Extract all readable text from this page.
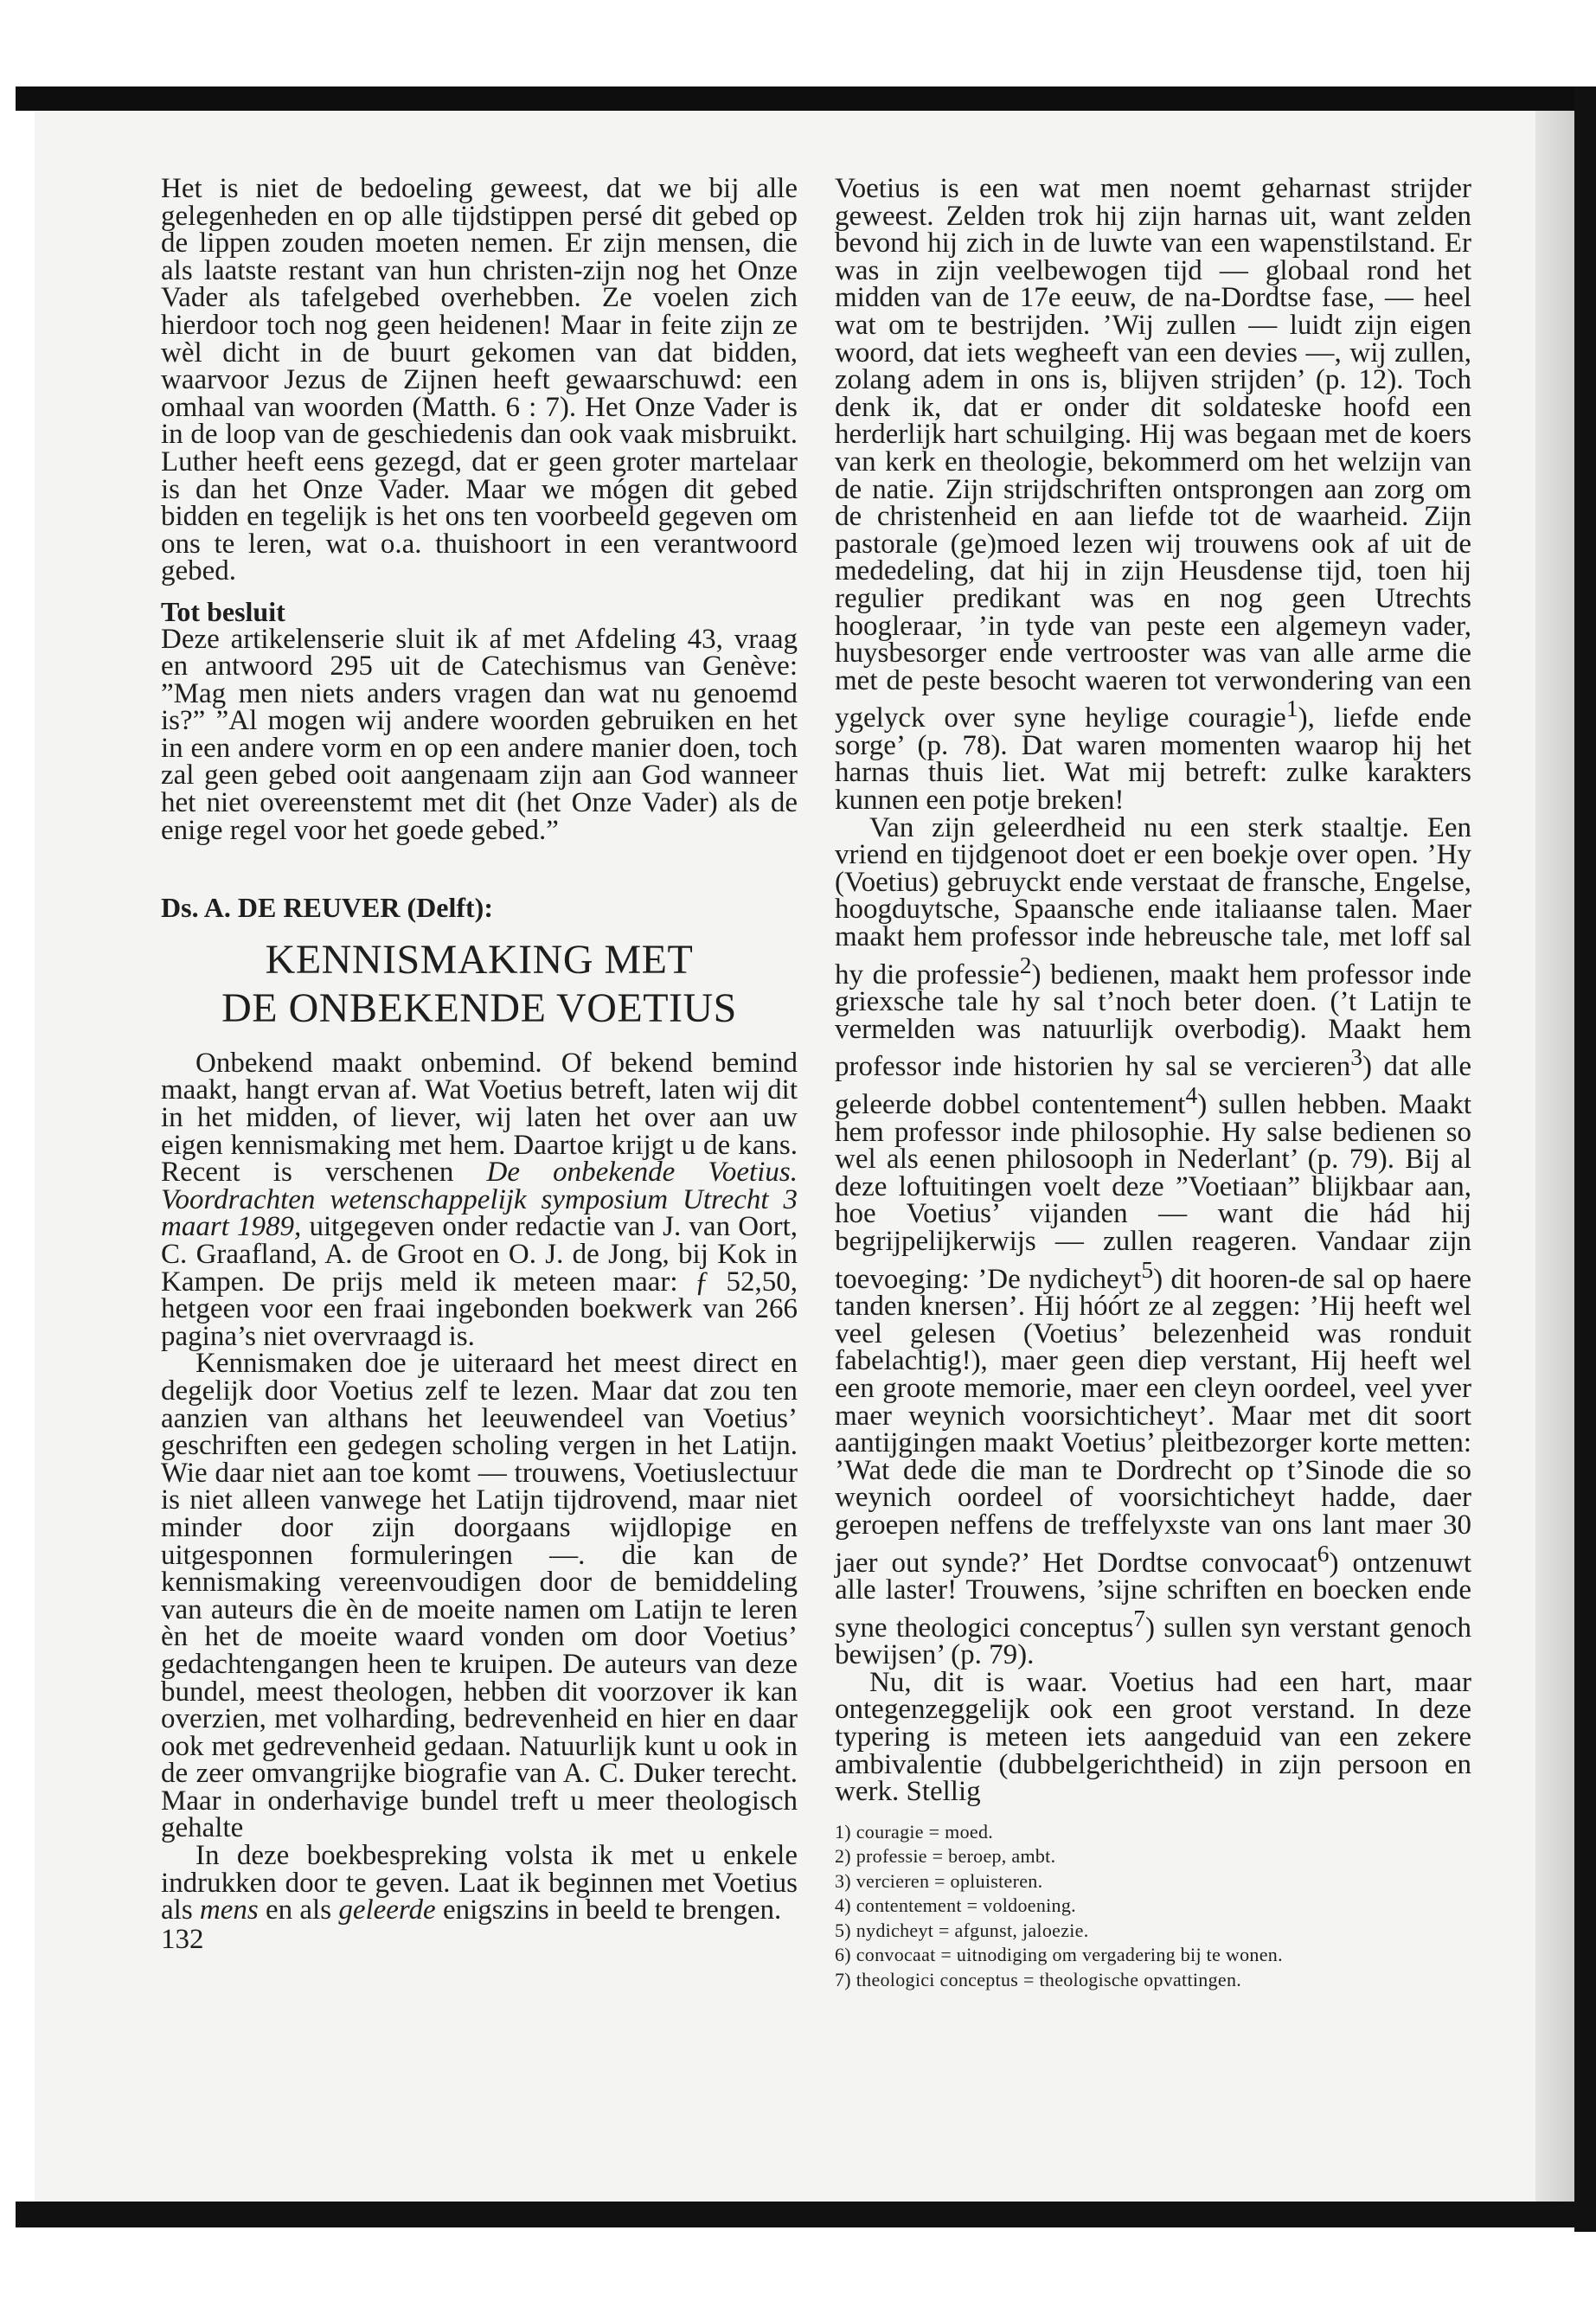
Het is niet de bedoeling geweest, dat we bij alle gelegenheden en op alle tijdstippen persé dit gebed op de lippen zouden moeten nemen. Er zijn mensen, die als laatste restant van hun christen-zijn nog het Onze Vader als tafelgebed overhebben. Ze voelen zich hierdoor toch nog geen heidenen! Maar in feite zijn ze wèl dicht in de buurt gekomen van dat bidden, waarvoor Jezus de Zijnen heeft gewaarschuwd: een omhaal van woorden (Matth. 6 : 7). Het Onze Vader is in de loop van de geschiedenis dan ook vaak misbruikt. Luther heeft eens gezegd, dat er geen groter martelaar is dan het Onze Vader. Maar we mógen dit gebed bidden en tegelijk is het ons ten voorbeeld gegeven om ons te leren, wat o.a. thuishoort in een verantwoord gebed.

Tot besluit

Deze artikelenserie sluit ik af met Afdeling 43, vraag en antwoord 295 uit de Catechismus van Genève: ”Mag men niets anders vragen dan wat nu genoemd is?” ”Al mogen wij andere woorden gebruiken en het in een andere vorm en op een andere manier doen, toch zal geen gebed ooit aangenaam zijn aan God wanneer het niet overeenstemt met dit (het Onze Vader) als de enige regel voor het goede gebed.”

Ds. A. DE REUVER (Delft):

KENNISMAKING MET
DE ONBEKENDE VOETIUS

Onbekend maakt onbemind. Of bekend bemind maakt, hangt ervan af. Wat Voetius betreft, laten wij dit in het midden, of liever, wij laten het over aan uw eigen kennismaking met hem. Daartoe krijgt u de kans. Recent is verschenen De onbekende Voetius. Voordrachten wetenschappelijk symposium Utrecht 3 maart 1989, uitgegeven onder redactie van J. van Oort, C. Graafland, A. de Groot en O. J. de Jong, bij Kok in Kampen. De prijs meld ik meteen maar: ƒ 52,50, hetgeen voor een fraai ingebonden boekwerk van 266 pagina’s niet overvraagd is.

Kennismaken doe je uiteraard het meest direct en degelijk door Voetius zelf te lezen. Maar dat zou ten aanzien van althans het leeuwendeel van Voetius’ geschriften een gedegen scholing vergen in het Latijn. Wie daar niet aan toe komt — trouwens, Voetiuslectuur is niet alleen vanwege het Latijn tijdrovend, maar niet minder door zijn doorgaans wijdlopige en uitgesponnen formuleringen —. die kan de kennismaking vereenvoudigen door de bemiddeling van auteurs die èn de moeite namen om Latijn te leren èn het de moeite waard vonden om door Voetius’ gedachtengangen heen te kruipen. De auteurs van deze bundel, meest theologen, hebben dit voorzover ik kan overzien, met volharding, bedrevenheid en hier en daar ook met gedrevenheid gedaan. Natuurlijk kunt u ook in de zeer omvangrijke biografie van A. C. Duker terecht. Maar in onderhavige bundel treft u meer theologisch gehalte

In deze boekbespreking volsta ik met u enkele indrukken door te geven. Laat ik beginnen met Voetius als mens en als geleerde enigszins in beeld te brengen.

132

Voetius is een wat men noemt geharnast strijder geweest. Zelden trok hij zijn harnas uit, want zelden bevond hij zich in de luwte van een wapenstilstand. Er was in zijn veelbewogen tijd — globaal rond het midden van de 17e eeuw, de na-Dordtse fase, — heel wat om te bestrijden. ’Wij zullen — luidt zijn eigen woord, dat iets wegheeft van een devies —, wij zullen, zolang adem in ons is, blijven strijden’ (p. 12). Toch denk ik, dat er onder dit soldateske hoofd een herderlijk hart schuilging. Hij was begaan met de koers van kerk en theologie, bekommerd om het welzijn van de natie. Zijn strijdschriften ontsprongen aan zorg om de christenheid en aan liefde tot de waarheid. Zijn pastorale (ge)moed lezen wij trouwens ook af uit de mededeling, dat hij in zijn Heusdense tijd, toen hij regulier predikant was en nog geen Utrechts hoogleraar, ’in tyde van peste een algemeyn vader, huysbesorger ende vertrooster was van alle arme die met de peste besocht waeren tot verwondering van een ygelyck over syne heylige couragie$^1$), liefde ende sorge’ (p. 78). Dat waren momenten waarop hij het harnas thuis liet. Wat mij betreft: zulke karakters kunnen een potje breken!

Van zijn geleerdheid nu een sterk staaltje. Een vriend en tijdgenoot doet er een boekje over open. ’Hy (Voetius) gebruyckt ende verstaat de fransche, Engelse, hoogduytsche, Spaansche ende italiaanse talen. Maer maakt hem professor inde hebreusche tale, met loff sal hy die professie$^2$) bedienen, maakt hem professor inde griexsche tale hy sal t’noch beter doen. (’t Latijn te vermelden was natuurlijk overbodig). Maakt hem professor inde historien hy sal se vercieren$^3$) dat alle geleerde dobbel contentement$^4$) sullen hebben. Maakt hem professor inde philosophie. Hy salse bedienen so wel als eenen philosooph in Nederlant’ (p. 79). Bij al deze loftuitingen voelt deze ”Voetiaan” blijkbaar aan, hoe Voetius’ vijanden — want die hád hij begrijpelijkerwijs — zullen reageren. Vandaar zijn toevoeging: ’De nydicheyt$^5$) dit hooren-de sal op haere tanden knersen’. Hij hóórt ze al zeggen: ’Hij heeft wel veel gelesen (Voetius’ belezenheid was ronduit fabelachtig!), maer geen diep verstant, Hij heeft wel een groote memorie, maer een cleyn oordeel, veel yver maer weynich voorsichticheyt’. Maar met dit soort aantijgingen maakt Voetius’ pleitbezorger korte metten: ’Wat dede die man te Dordrecht op t’Sinode die so weynich oordeel of voorsichticheyt hadde, daer geroepen neffens de treffelyxste van ons lant maer 30 jaer out synde?’ Het Dordtse convocaat$^6$) ontzenuwt alle laster! Trouwens, ’sijne schriften en boecken ende syne theologici conceptus$^7$) sullen syn verstant genoch bewijsen’ (p. 79).

Nu, dit is waar. Voetius had een hart, maar ontegenzeggelijk ook een groot verstand. In deze typering is meteen iets aangeduid van een zekere ambivalentie (dubbelgerichtheid) in zijn persoon en werk. Stellig

1) couragie = moed.

2) professie = beroep, ambt.

3) vercieren = opluisteren.

4) contentement = voldoening.

5) nydicheyt = afgunst, jaloezie.

6) convocaat = uitnodiging om vergadering bij te wonen.

7) theologici conceptus = theologische opvattingen.
